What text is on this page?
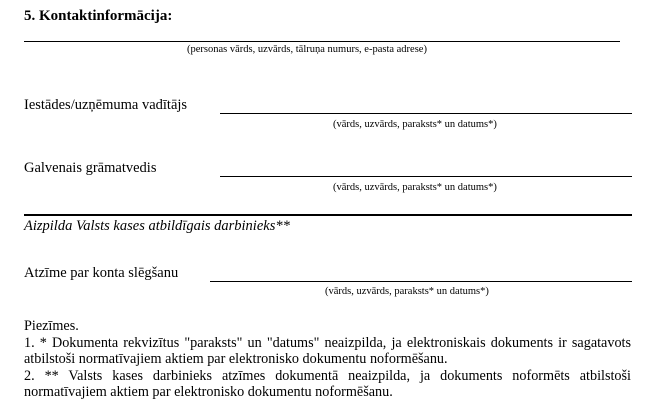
5. Kontaktinformācija:
(personas vārds, uzvārds, tālruņa numurs, e-pasta adrese)
Iestādes/uzņēmuma vadītājs
(vārds, uzvārds, paraksts* un datums*)
Galvenais grāmatvedis
(vārds, uzvārds, paraksts* un datums*)
Aizpilda Valsts kases atbildīgais darbinieks**
Atzīme par konta slēgšanu
(vārds, uzvārds, paraksts* un datums*)

Piezīmes.

1. * Dokumenta rekvizītus "paraksts" un "datums" neaizpilda, ja elektroniskais dokuments ir sagatavots atbilstoši normatīvajiem aktiem par elektronisko dokumentu noformēšanu.

2. ** Valsts kases darbinieks atzīmes dokumentā neaizpilda, ja dokuments noformēts atbilstoši normatīvajiem aktiem par elektronisko dokumentu noformēšanu.
